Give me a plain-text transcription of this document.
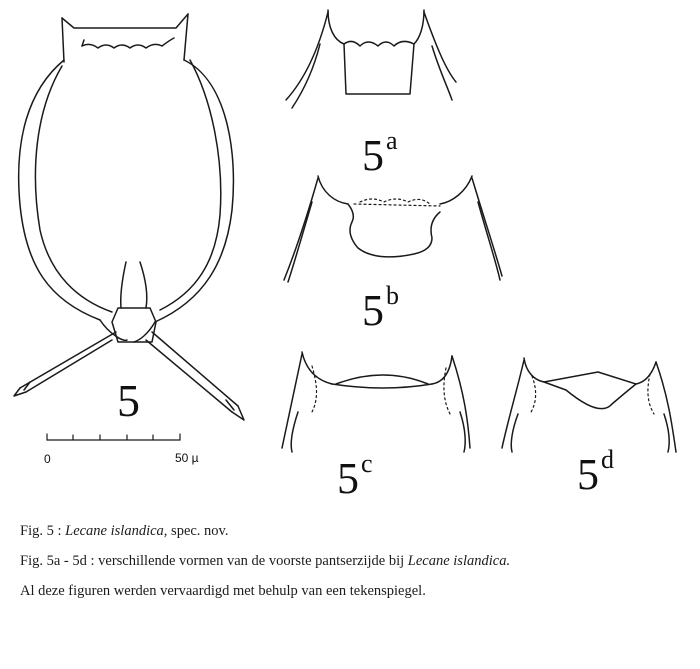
5
5$^a$
5$^b$
5$^c$	5$^d$
0	50 µ
Fig. 5 : Lecane islandica, spec. nov.
Fig. 5a - 5d : verschillende vormen van de voorste pantserzijde bij Lecane islandica.
Al deze figuren werden vervaardigd met behulp van een tekenspiegel.
